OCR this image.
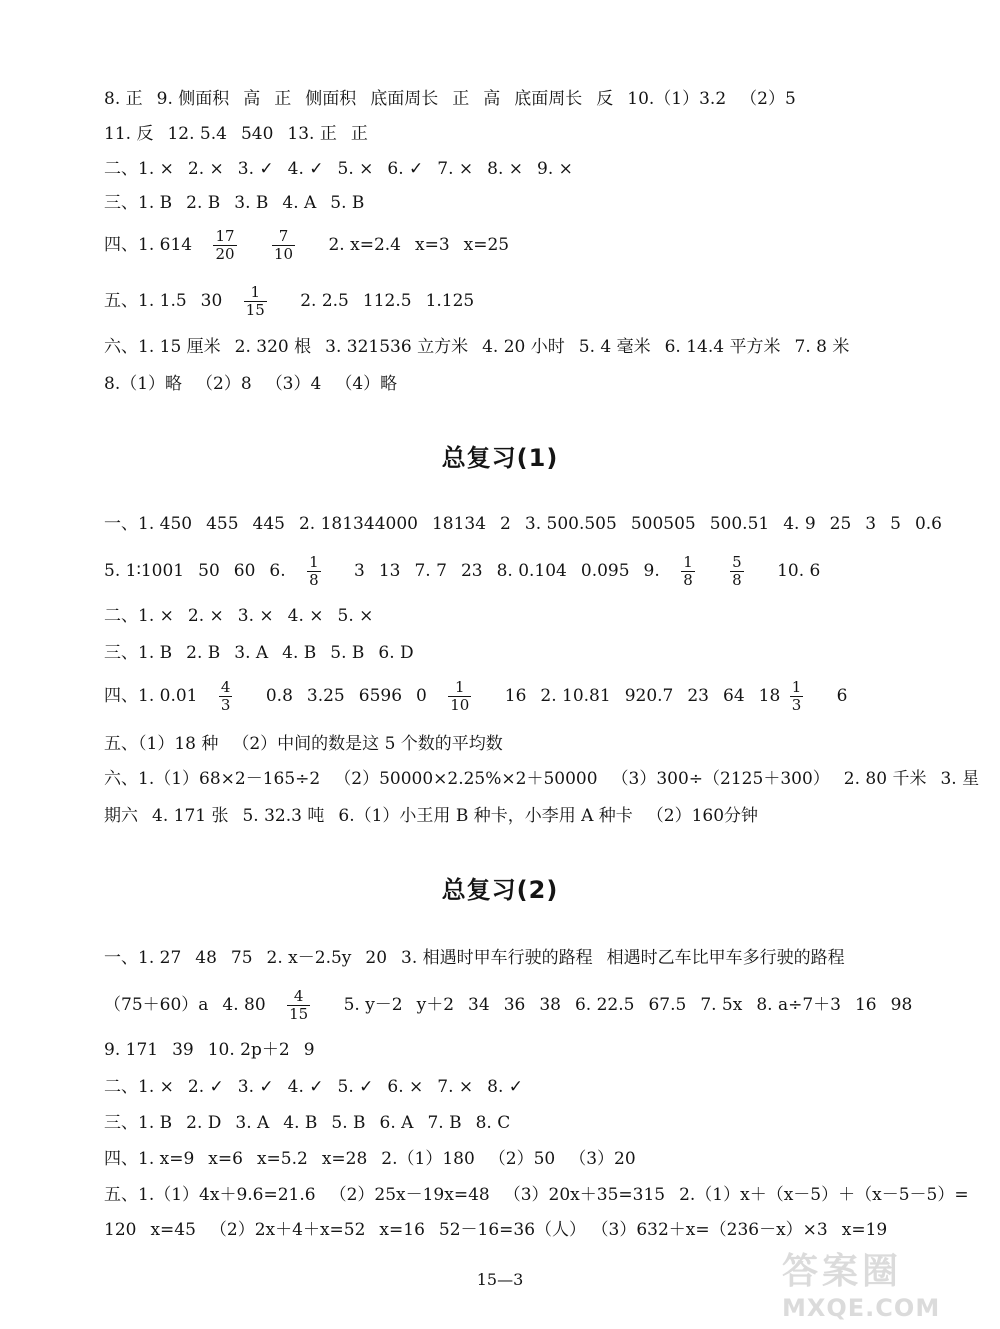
8. 正 9. 侧面积 高 正 侧面积 底面周长 正 高 底面周长 反 10.（1）3.2 （2）5
11. 反 12. 5.4 540 13. 正 正
二、1. × 2. × 3. ✓ 4. ✓ 5. × 6. ✓ 7. × 8. × 9. ×
三、1. B 2. B 3. B 4. A 5. B
四、1. $614 \frac{17}{20}$
$\frac{7}{10} 2$. x=2.4 x=3 x=25
五、1. 1.5 $30 \frac{1}{15} 2$. 2.5 112.5 1.125
六、1. 15 厘米 2. 320 根 3. 321536 立方米 4. 20 小时 5. 4 毫米 6. 14.4 平方米 7. 8 米
8.（1）略 （2）8 （3）4 （4）略
总复习(1)
一、1. 450 455 445 2. 181344000 18134 2 3. 500.505 500505 500.51 4. 9 25 3 5 0.6
5. 1∶1001 50 60 6. $\frac{1}{8} 3$ 13 7. 7 23 8. 0.104 0.095 9. $\frac{1}{8}$
$\frac{5}{8} 10$. 6
二、1. × 2. × 3. × 4. × 5. ×
三、1. B 2. B 3. A 4. B 5. B 6. D
四、1. $0.01 \frac{4}{3} 0.8$ 3.25 6596 $0 \frac{1}{10} 16$ 2. 10.81 920.7 23 64 $18 \frac{1}{3} 6$
五、（1）18 种 （2）中间的数是这 5 个数的平均数
六、1.（1）68×2－165÷2 （2）50000×2.25%×2＋50000 （3）300÷（2125＋300） 2. 80 千米 3. 星
期六 4. 171 张 5. 32.3 吨 6.（1）小王用 B 种卡，小李用 A 种卡 （2）160分钟
总复习(2)
一、1. 27 48 75 2. x－2.5y 20 3. 相遇时甲车行驶的路程 相遇时乙车比甲车多行驶的路程
（75＋60）a 4. $80 \frac{4}{15} 5$. y－2 y＋2 34 36 38 6. 22.5 67.5 7. 5x 8. a÷7＋3 16 98
9. 171 39 10. 2p＋2 9
二、1. × 2. ✓ 3. ✓ 4. ✓ 5. ✓ 6. × 7. × 8. ✓
三、1. B 2. D 3. A 4. B 5. B 6. A 7. B 8. C
四、1. x=9 x=6 x=5.2 x=28 2.（1）180 （2）50 （3）20
五、1.（1）4x＋9.6=21.6 （2）25x－19x=48 （3）20x＋35=315 2.（1）x＋（x－5）＋（x－5－5）=
120 x=45 （2）2x＋4＋x=52 x=16 52－16=36（人） （3）632＋x=（236－x）×3 x=19
15—3	答案圈
MXQE.COM
